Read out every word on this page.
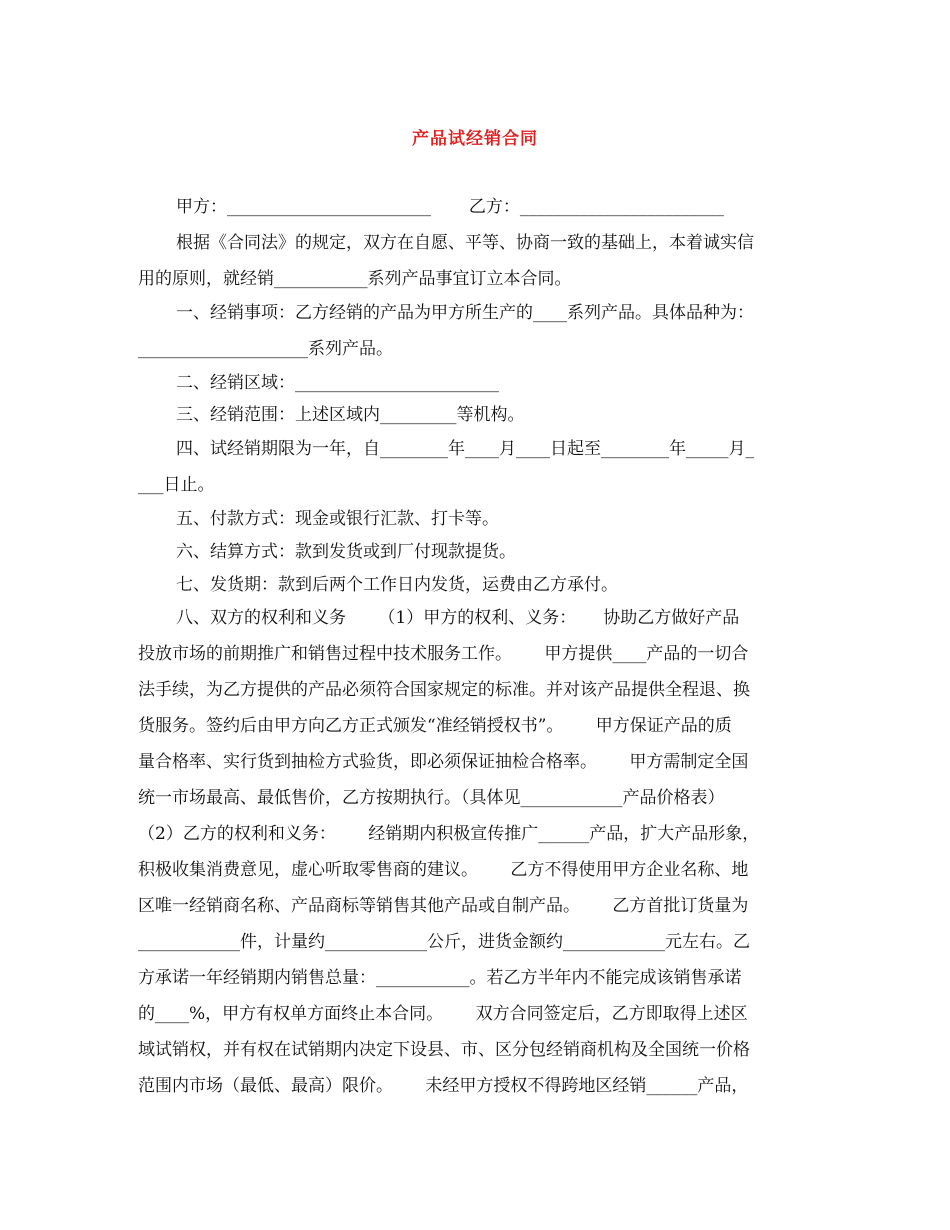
产品试经销合同
甲方：________________________       乙方：________________________
根据《合同法》的规定，双方在自愿、平等、协商一致的基础上，本着诚实信
用的原则，就经销___________系列产品事宜订立本合同。
一、经销事项：乙方经销的产品为甲方所生产的____系列产品。具体品种为：
____________________系列产品。
二、经销区域：________________________
三、经销范围：上述区域内_________等机构。
四、试经销期限为一年，自________年____月____日起至________年_____月_
___日止。
五、付款方式：现金或银行汇款、打卡等。
六、结算方式：款到发货或到厂付现款提货。
七、发货期：款到后两个工作日内发货，运费由乙方承付。
八、双方的权利和义务      （1）甲方的权利、义务：     协助乙方做好产品
投放市场的前期推广和销售过程中技术服务工作。      甲方提供____产品的一切合
法手续，为乙方提供的产品必须符合国家规定的标准。并对该产品提供全程退、换
货服务。签约后由甲方向乙方正式颁发“准经销授权书”。      甲方保证产品的质
量合格率、实行货到抽检方式验货，即必须保证抽检合格率。      甲方需制定全国
统一市场最高、最低售价，乙方按期执行。（具体见____________产品价格表）
（2）乙方的权利和义务：      经销期内积极宣传推广______产品，扩大产品形象，
积极收集消费意见，虚心听取零售商的建议。      乙方不得使用甲方企业名称、地
区唯一经销商名称、产品商标等销售其他产品或自制产品。      乙方首批订货量为
____________件，计量约____________公斤，进货金额约____________元左右。乙
方承诺一年经销期内销售总量：___________。若乙方半年内不能完成该销售承诺
的____%，甲方有权单方面终止本合同。      双方合同签定后，乙方即取得上述区
域试销权，并有权在试销期内决定下设县、市、区分包经销商机构及全国统一价格
范围内市场（最低、最高）限价。      未经甲方授权不得跨地区经销______产品，
